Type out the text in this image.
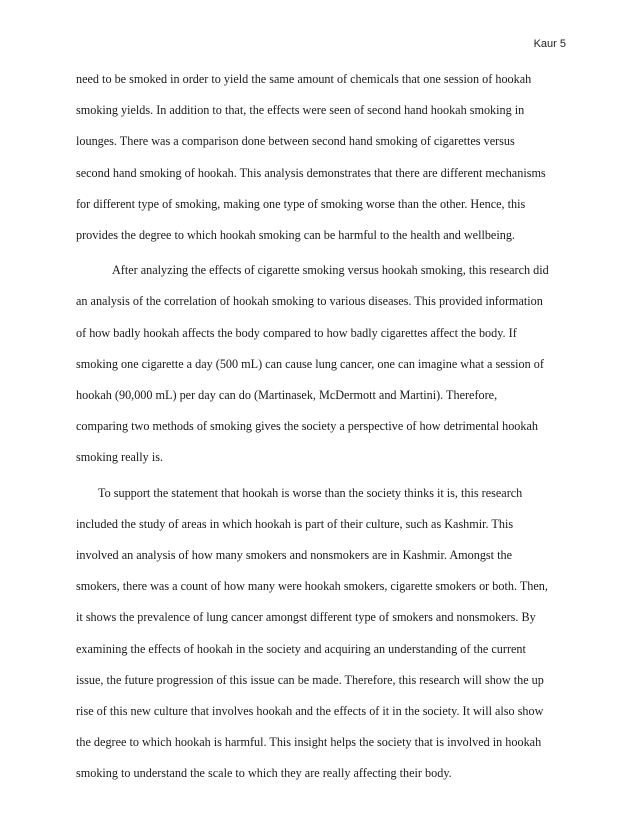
Kaur 5

need to be smoked in order to yield the same amount of chemicals that one session of hookah
smoking yields. In addition to that, the effects were seen of second hand hookah smoking in
lounges. There was a comparison done between second hand smoking of cigarettes versus
second hand smoking of hookah. This analysis demonstrates that there are different mechanisms
for different type of smoking, making one type of smoking worse than the other. Hence, this
provides the degree to which hookah smoking can be harmful to the health and wellbeing.

After analyzing the effects of cigarette smoking versus hookah smoking, this research did
an analysis of the correlation of hookah smoking to various diseases. This provided information
of how badly hookah affects the body compared to how badly cigarettes affect the body. If
smoking one cigarette a day (500 mL) can cause lung cancer, one can imagine what a session of
hookah (90,000 mL) per day can do (Martinasek, McDermott and Martini). Therefore,
comparing two methods of smoking gives the society a perspective of how detrimental hookah
smoking really is.

To support the statement that hookah is worse than the society thinks it is, this research
included the study of areas in which hookah is part of their culture, such as Kashmir. This
involved an analysis of how many smokers and nonsmokers are in Kashmir. Amongst the
smokers, there was a count of how many were hookah smokers, cigarette smokers or both. Then,
it shows the prevalence of lung cancer amongst different type of smokers and nonsmokers. By
examining the effects of hookah in the society and acquiring an understanding of the current
issue, the future progression of this issue can be made. Therefore, this research will show the up
rise of this new culture that involves hookah and the effects of it in the society. It will also show
the degree to which hookah is harmful. This insight helps the society that is involved in hookah
smoking to understand the scale to which they are really affecting their body.
